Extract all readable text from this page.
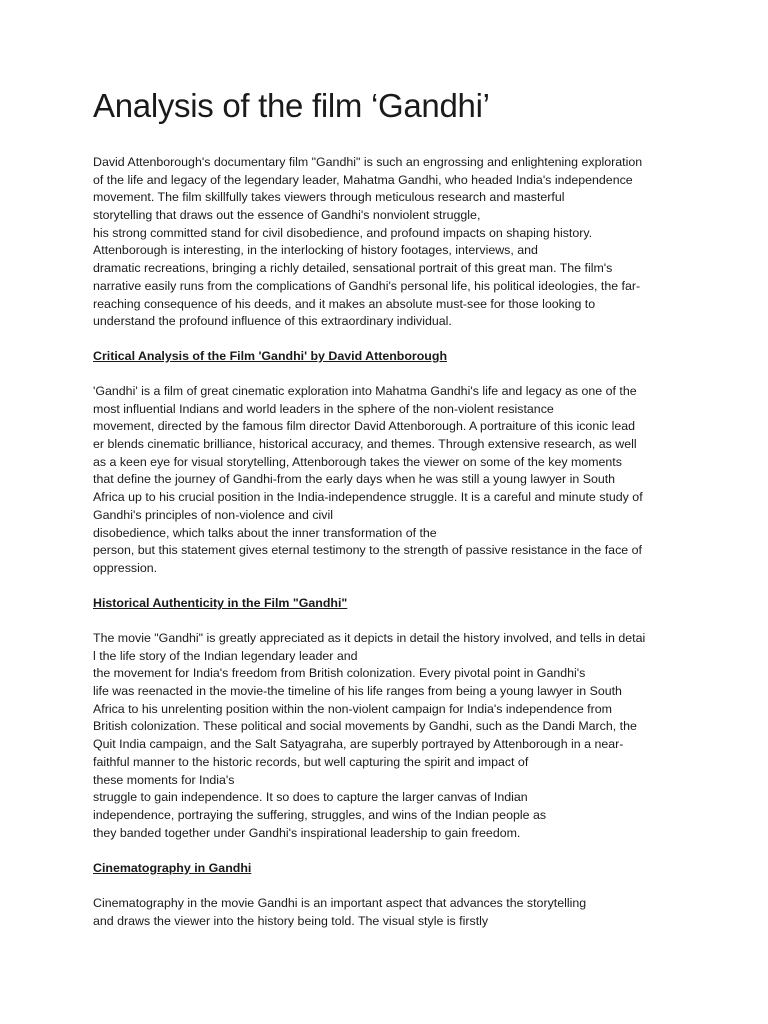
Analysis of the film ‘Gandhi’
David Attenborough's documentary film "Gandhi" is such an engrossing and enlightening exploration
of the life and legacy of the legendary leader, Mahatma Gandhi, who headed India's independence
movement. The film skillfully takes viewers through meticulous research and masterful
storytelling that draws out the essence of Gandhi's nonviolent struggle,
his strong committed stand for civil disobedience, and profound impacts on shaping history.
Attenborough is interesting, in the interlocking of history footages, interviews, and
dramatic recreations, bringing a richly detailed, sensational portrait of this great man. The film's
narrative easily runs from the complications of Gandhi's personal life, his political ideologies, the far-
reaching consequence of his deeds, and it makes an absolute must-see for those looking to
understand the profound influence of this extraordinary individual.
Critical Analysis of the Film 'Gandhi' by David Attenborough
'Gandhi' is a film of great cinematic exploration into Mahatma Gandhi's life and legacy as one of the
most influential Indians and world leaders in the sphere of the non-violent resistance
movement, directed by the famous film director David Attenborough. A portraiture of this iconic lead
er blends cinematic brilliance, historical accuracy, and themes. Through extensive research, as well
as a keen eye for visual storytelling, Attenborough takes the viewer on some of the key moments
that define the journey of Gandhi-from the early days when he was still a young lawyer in South
Africa up to his crucial position in the India-independence struggle. It is a careful and minute study of
Gandhi's principles of non-violence and civil
disobedience, which talks about the inner transformation of the
person, but this statement gives eternal testimony to the strength of passive resistance in the face of
oppression.
Historical Authenticity in the Film "Gandhi"
The movie "Gandhi" is greatly appreciated as it depicts in detail the history involved, and tells in detai
l the life story of the Indian legendary leader and
the movement for India's freedom from British colonization. Every pivotal point in Gandhi's
life was reenacted in the movie-the timeline of his life ranges from being a young lawyer in South
Africa to his unrelenting position within the non-violent campaign for India's independence from
British colonization. These political and social movements by Gandhi, such as the Dandi March, the
Quit India campaign, and the Salt Satyagraha, are superbly portrayed by Attenborough in a near-
faithful manner to the historic records, but well capturing the spirit and impact of
these moments for India's
struggle to gain independence. It so does to capture the larger canvas of Indian
independence, portraying the suffering, struggles, and wins of the Indian people as
they banded together under Gandhi's inspirational leadership to gain freedom.
Cinematography in Gandhi
Cinematography in the movie Gandhi is an important aspect that advances the storytelling
and draws the viewer into the history being told. The visual style is firstly
